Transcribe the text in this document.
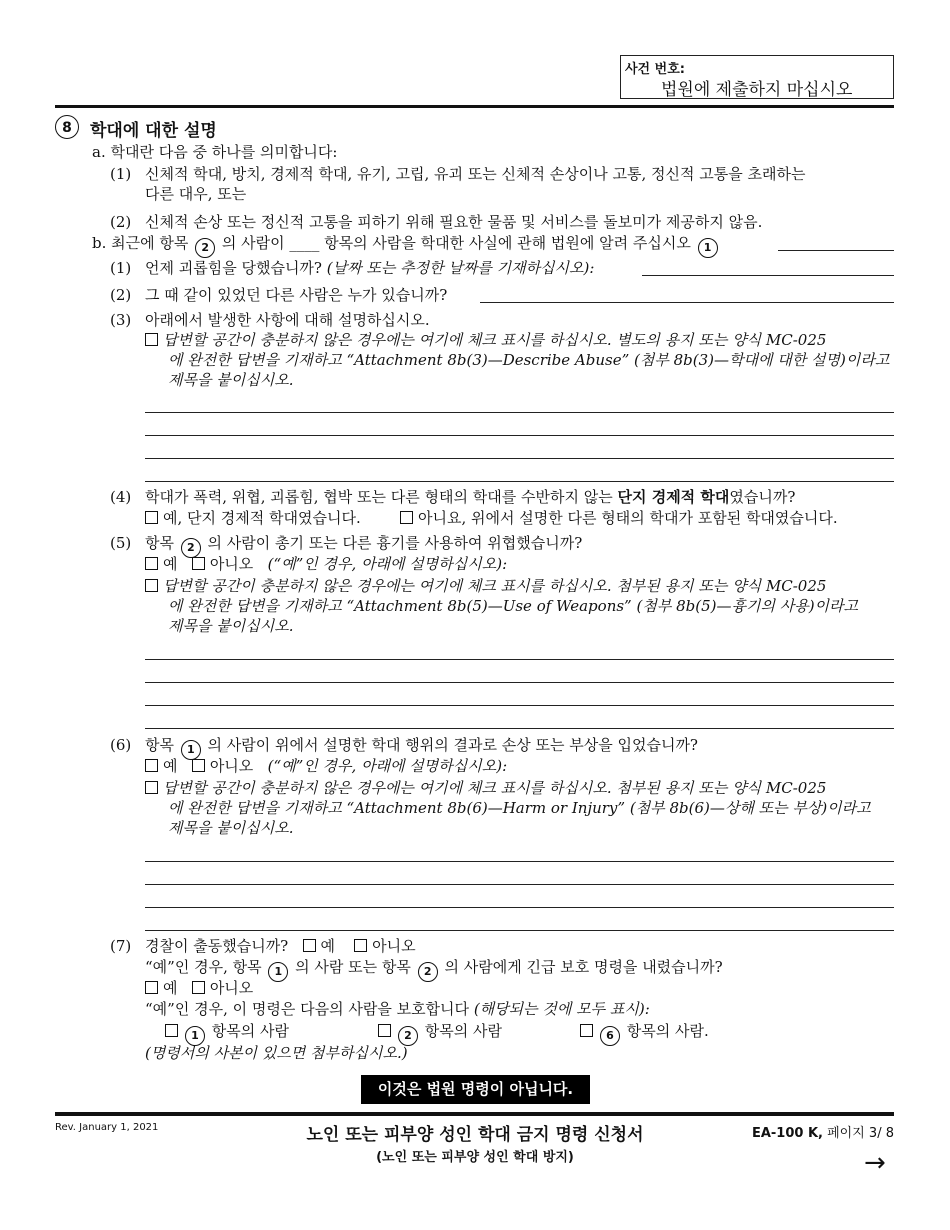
사건 번호:
법원에 제출하지 마십시오
8	학대에 대한 설명
a. 학대란 다음 중 하나를 의미합니다:
(1) 신체적 학대, 방치, 경제적 학대, 유기, 고립, 유괴 또는 신체적 손상이나 고통, 정신적 고통을 초래하는
다른 대우, 또는
(2) 신체적 손상 또는 정신적 고통을 피하기 위해 필요한 물품 및 서비스를 돌보미가 제공하지 않음.
b. 최근에 항목 2 의 사람이 ____ 항목의 사람을 학대한 사실에 관해 법원에 알려 주십시오 1
(1) 언제 괴롭힘을 당했습니까? (날짜 또는 추정한 날짜를 기재하십시오):
(2) 그 때 같이 있었던 다른 사람은 누가 있습니까?
(3) 아래에서 발생한 사항에 대해 설명하십시오.
답변할 공간이 충분하지 않은 경우에는 여기에 체크 표시를 하십시오. 별도의 용지 또는 양식 MC-025
에 완전한 답변을 기재하고 “Attachment 8b(3)—Describe Abuse” (첨부 8b(3)—학대에 대한 설명)이라고
제목을 붙이십시오.
(4) 학대가 폭력, 위협, 괴롭힘, 협박 또는 다른 형태의 학대를 수반하지 않는 단지 경제적 학대였습니까?
예, 단지 경제적 학대였습니다.	아니요, 위에서 설명한 다른 형태의 학대가 포함된 학대였습니다.
(5) 항목 2 의 사람이 총기 또는 다른 흉기를 사용하여 위협했습니까?
예 아니오 (“예”인 경우, 아래에 설명하십시오):
답변할 공간이 충분하지 않은 경우에는 여기에 체크 표시를 하십시오. 첨부된 용지 또는 양식 MC-025
에 완전한 답변을 기재하고 “Attachment 8b(5)—Use of Weapons” (첨부 8b(5)—흉기의 사용)이라고
제목을 붙이십시오.
(6) 항목 1 의 사람이 위에서 설명한 학대 행위의 결과로 손상 또는 부상을 입었습니까?
예 아니오 (“예”인 경우, 아래에 설명하십시오):
답변할 공간이 충분하지 않은 경우에는 여기에 체크 표시를 하십시오. 첨부된 용지 또는 양식 MC-025
에 완전한 답변을 기재하고 “Attachment 8b(6)—Harm or Injury” (첨부 8b(6)—상해 또는 부상)이라고
제목을 붙이십시오.
(7) 경찰이 출동했습니까? 예 아니오
“예”인 경우, 항목 1 의 사람 또는 항목 2 의 사람에게 긴급 보호 명령을 내렸습니까?
예 아니오
“예”인 경우, 이 명령은 다음의 사람을 보호합니다 (해당되는 것에 모두 표시):
1 항목의 사람	2 항목의 사람	6 항목의 사람.
(명령서의 사본이 있으면 첨부하십시오.)
이것은 법원 명령이 아닙니다.
Rev. January 1, 2021	노인 또는 피부양 성인 학대 금지 명령 신청서
(노인 또는 피부양 성인 학대 방지)
EA-100 K, 페이지 3/ 8
→
